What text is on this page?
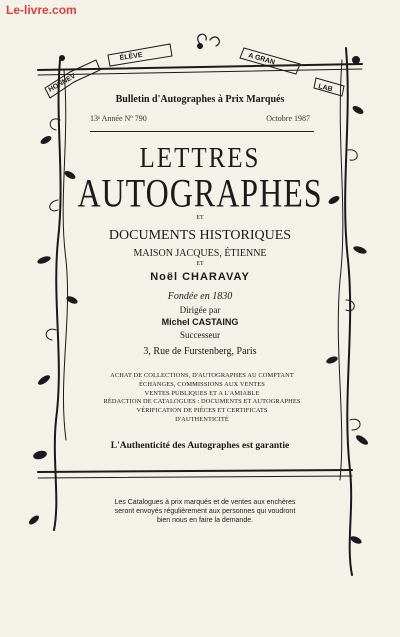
Le-livre.com
HONNEV
ÉLÈVE	A GRAN
LAB
Bulletin d'Autographes à Prix Marqués
13ᵉ Année Nº 790	Octobre 1987
LETTRES
AUTOGRAPHES
ET
DOCUMENTS HISTORIQUES
MAISON JACQUES, ÉTIENNE
ET
Noël CHARAVAY
Fondée en 1830
Dirigée par
Michel CASTAING
Successeur
3, Rue de Furstenberg, Paris
ACHAT DE COLLECTIONS, D'AUTOGRAPHES AU COMPTANT
ÉCHANGES, COMMISSIONS AUX VENTES
VENTES PUBLIQUES ET A L'AMIABLE
RÉDACTION DE CATALOGUES : DOCUMENTS ET AUTOGRAPHES
VÉRIFICATION DE PIÈCES ET CERTIFICATS
D'AUTHENTICITÉ
L'Authenticité des Autographes est garantie
Les Catalogues à prix marqués et de ventes aux enchères
seront envoyés régulièrement aux personnes qui voudront
bien nous en faire la demande.
